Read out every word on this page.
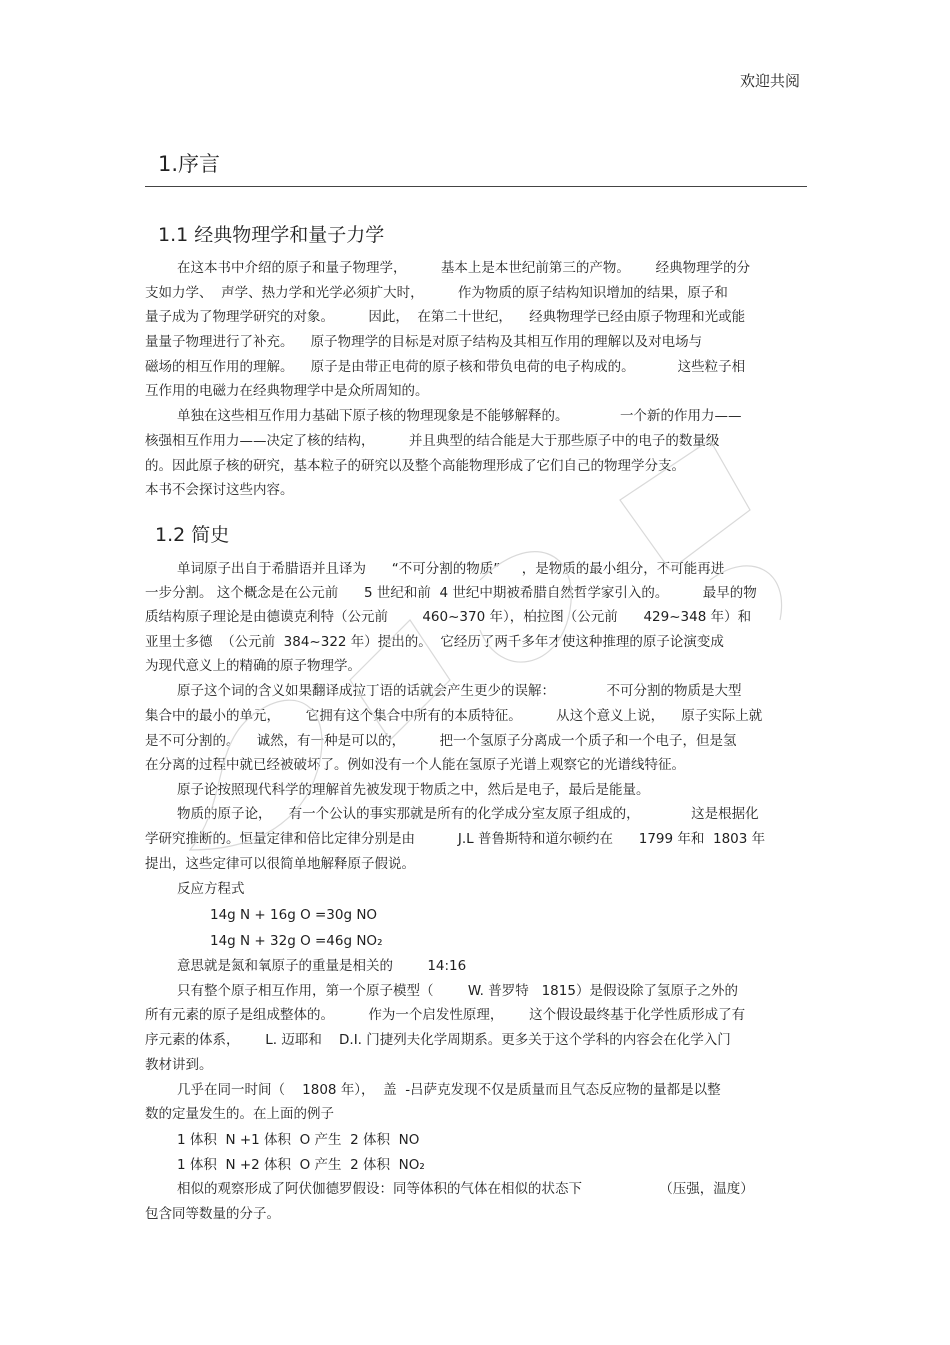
欢迎共阅
1.序言
1.1 经典物理学和量子力学
在这本书中介绍的原子和量子物理学，        基本上是本世纪前第三的产物。      经典物理学的分
支如力学、  声学、热力学和光学必须扩大时，        作为物质的原子结构知识增加的结果，原子和
量子成为了物理学研究的对象。        因此，  在第二十世纪，    经典物理学已经由原子物理和光或能
量量子物理进行了补充。    原子物理学的目标是对原子结构及其相互作用的理解以及对电场与
磁场的相互作用的理解。    原子是由带正电荷的原子核和带负电荷的电子构成的。          这些粒子相
互作用的电磁力在经典物理学中是众所周知的。
单独在这些相互作用力基础下原子核的物理现象是不能够解释的。            一个新的作用力——
核强相互作用力——决定了核的结构，        并且典型的结合能是大于那些原子中的电子的数量级
的。因此原子核的研究，基本粒子的研究以及整个高能物理形成了它们自己的物理学分支。
本书不会探讨这些内容。
1.2 简史
单词原子出自于希腊语并且译为      “不可分割的物质”     ，是物质的最小组分，不可能再进
一步分割。 这个概念是在公元前      5 世纪和前  4 世纪中期被希腊自然哲学家引入的。        最早的物
质结构原子理论是由德谟克利特（公元前        460~370 年），柏拉图（公元前      429~348 年）和
亚里士多德  （公元前  384~322 年）提出的。  它经历了两千多年才使这种推理的原子论演变成
为现代意义上的精确的原子物理学。
原子这个词的含义如果翻译成拉丁语的话就会产生更少的误解：            不可分割的物质是大型
集合中的最小的单元，      它拥有这个集合中所有的本质特征。        从这个意义上说，    原子实际上就
是不可分割的。    诚然，有一种是可以的，        把一个氢原子分离成一个质子和一个电子，但是氢
在分离的过程中就已经被破坏了。例如没有一个人能在氢原子光谱上观察它的光谱线特征。
原子论按照现代科学的理解首先被发现于物质之中，然后是电子，最后是能量。
物质的原子论，    有一个公认的事实那就是所有的化学成分室友原子组成的，            这是根据化
学研究推断的。恒量定律和倍比定律分别是由          J.L 普鲁斯特和道尔顿约在      1799 年和  1803 年
提出，这些定律可以很简单地解释原子假说。
反应方程式
14g N + 16g O =30g NO
14g N + 32g O =46g NO₂
意思就是氮和氧原子的重量是相关的        14:16
只有整个原子相互作用，第一个原子模型（        W. 普罗特   1815）是假设除了氢原子之外的
所有元素的原子是组成整体的。        作为一个启发性原理，      这个假设最终基于化学性质形成了有
序元素的体系，      L. 迈耶和    D.I. 门捷列夫化学周期系。更多关于这个学科的内容会在化学入门
教材讲到。
几乎在同一时间（    1808 年），  盖  -吕萨克发现不仅是质量而且气态反应物的量都是以整
数的定量发生的。在上面的例子
1 体积  N +1 体积  O 产生  2 体积  NO
1 体积  N +2 体积  O 产生  2 体积  NO₂
相似的观察形成了阿伏伽德罗假设：同等体积的气体在相似的状态下                  （压强，温度）
包含同等数量的分子。
